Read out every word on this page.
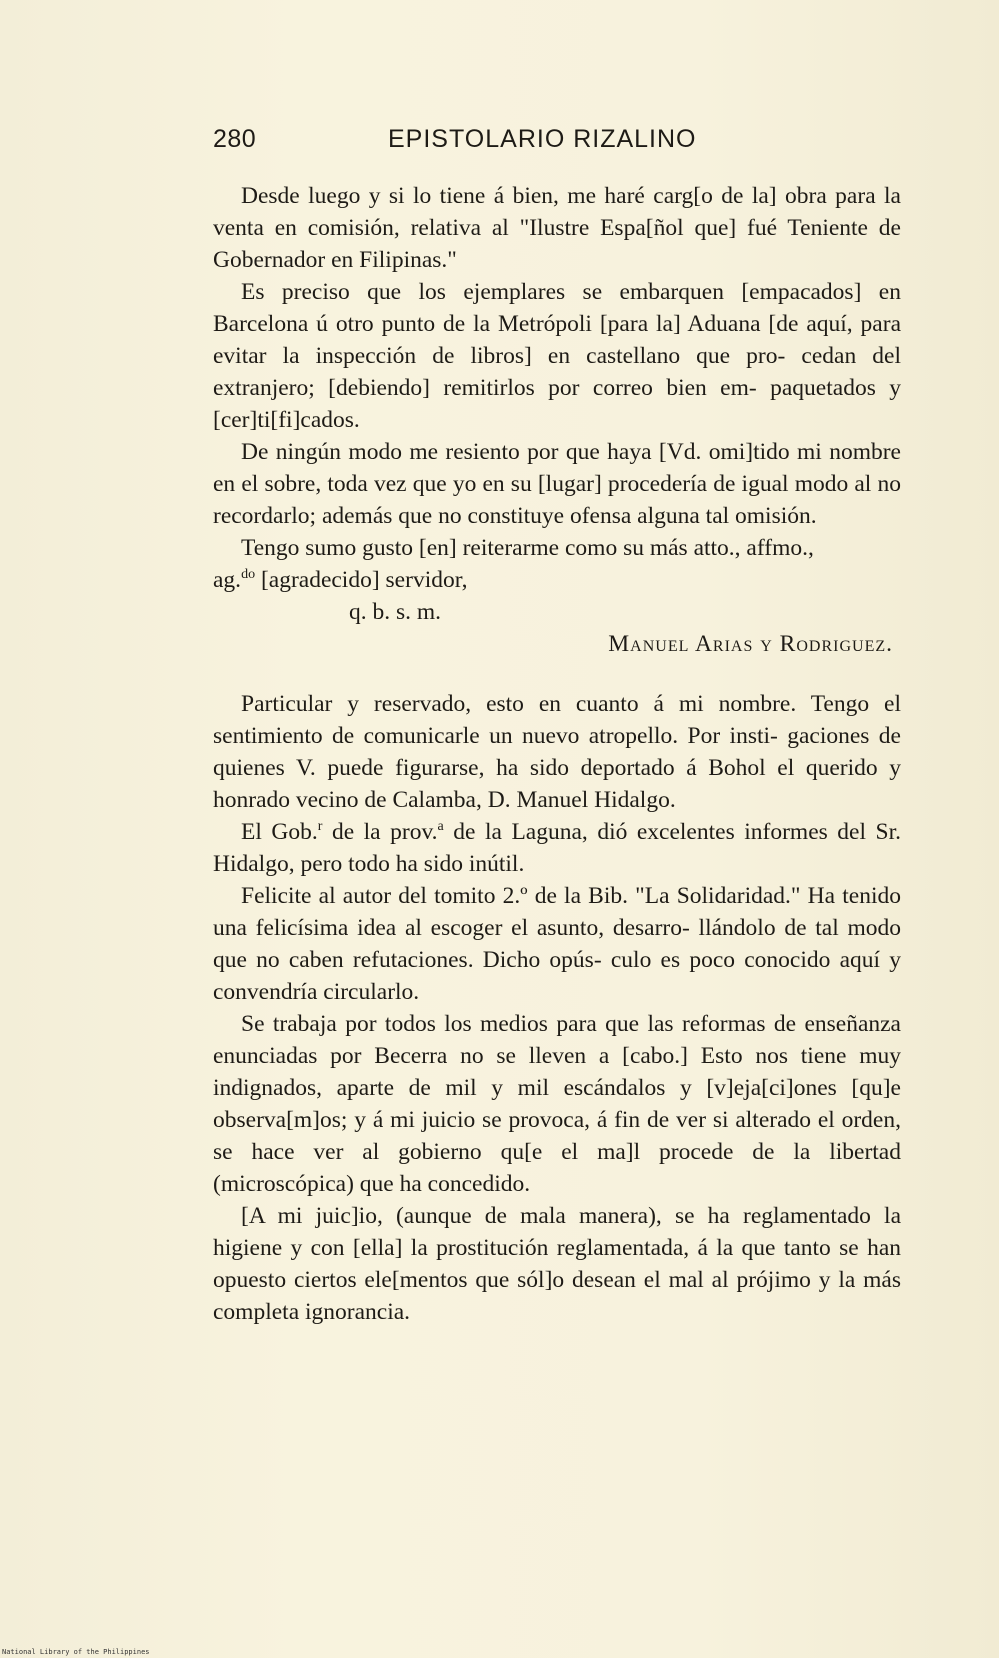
280	EPISTOLARIO RIZALINO

Desde luego y si lo tiene á bien, me haré carg[o de la] obra para la venta en comisión, relativa al "Ilustre Espa[ñol que] fué Teniente de Gobernador en Filipinas."

Es preciso que los ejemplares se embarquen [empacados] en Barcelona ú otro punto de la Metrópoli [para la] Aduana [de aquí, para evitar la inspección de libros] en castellano que pro- cedan del extranjero; [debiendo] remitirlos por correo bien em- paquetados y [cer]ti[fi]cados.

De ningún modo me resiento por que haya [Vd. omi]tido mi nombre en el sobre, toda vez que yo en su [lugar] procedería de igual modo al no recordarlo; además que no constituye ofensa alguna tal omisión.

Tengo sumo gusto [en] reiterarme como su más atto., affmo.,
ag.$^{do}$ [agradecido] servidor,

q. b. s. m.

Manuel Arias y Rodriguez.

Particular y reservado, esto en cuanto á mi nombre. Tengo el sentimiento de comunicarle un nuevo atropello. Por insti- gaciones de quienes V. puede figurarse, ha sido deportado á Bohol el querido y honrado vecino de Calamba, D. Manuel Hidalgo.

El Gob.$^r$ de la prov.$^a$ de la Laguna, dió excelentes informes del Sr. Hidalgo, pero todo ha sido inútil.

Felicite al autor del tomito 2.º de la Bib. "La Solidaridad." Ha tenido una felicísima idea al escoger el asunto, desarro- llándolo de tal modo que no caben refutaciones. Dicho opús- culo es poco conocido aquí y convendría circularlo.

Se trabaja por todos los medios para que las reformas de enseñanza enunciadas por Becerra no se lleven a [cabo.] Esto nos tiene muy indignados, aparte de mil y mil escándalos y [v]eja[ci]ones [qu]e observa[m]os; y á mi juicio se provoca, á fin de ver si alterado el orden, se hace ver al gobierno qu[e el ma]l procede de la libertad (microscópica) que ha concedido.

[A mi juic]io, (aunque de mala manera), se ha reglamentado la higiene y con [ella] la prostitución reglamentada, á la que tanto se han opuesto ciertos ele[mentos que sól]o desean el mal al prójimo y la más completa ignorancia.

National Library of the Philippines
